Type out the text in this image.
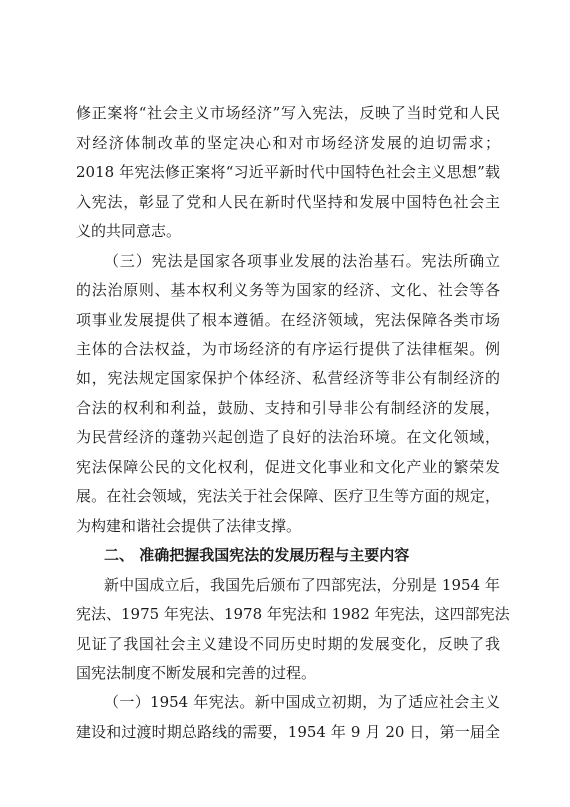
修正案将“社会主义市场经济”写入宪法，反映了当时党和人民
对经济体制改革的坚定决心和对市场经济发展的迫切需求；
2018 年宪法修正案将“习近平新时代中国特色社会主义思想”载
入宪法，彰显了党和人民在新时代坚持和发展中国特色社会主
义的共同意志。
（三）宪法是国家各项事业发展的法治基石。宪法所确立
的法治原则、基本权利义务等为国家的经济、文化、社会等各
项事业发展提供了根本遵循。在经济领域，宪法保障各类市场
主体的合法权益，为市场经济的有序运行提供了法律框架。例
如，宪法规定国家保护个体经济、私营经济等非公有制经济的
合法的权利和利益，鼓励、支持和引导非公有制经济的发展，
为民营经济的蓬勃兴起创造了良好的法治环境。在文化领域，
宪法保障公民的文化权利，促进文化事业和文化产业的繁荣发
展。在社会领域，宪法关于社会保障、医疗卫生等方面的规定，
为构建和谐社会提供了法律支撑。
二、 准确把握我国宪法的发展历程与主要内容
新中国成立后，我国先后颁布了四部宪法，分别是 1954 年
宪法、1975 年宪法、1978 年宪法和 1982 年宪法，这四部宪法
见证了我国社会主义建设不同历史时期的发展变化，反映了我
国宪法制度不断发展和完善的过程。
（一）1954 年宪法。新中国成立初期，为了适应社会主义
建设和过渡时期总路线的需要，1954 年 9 月 20 日，第一届全
